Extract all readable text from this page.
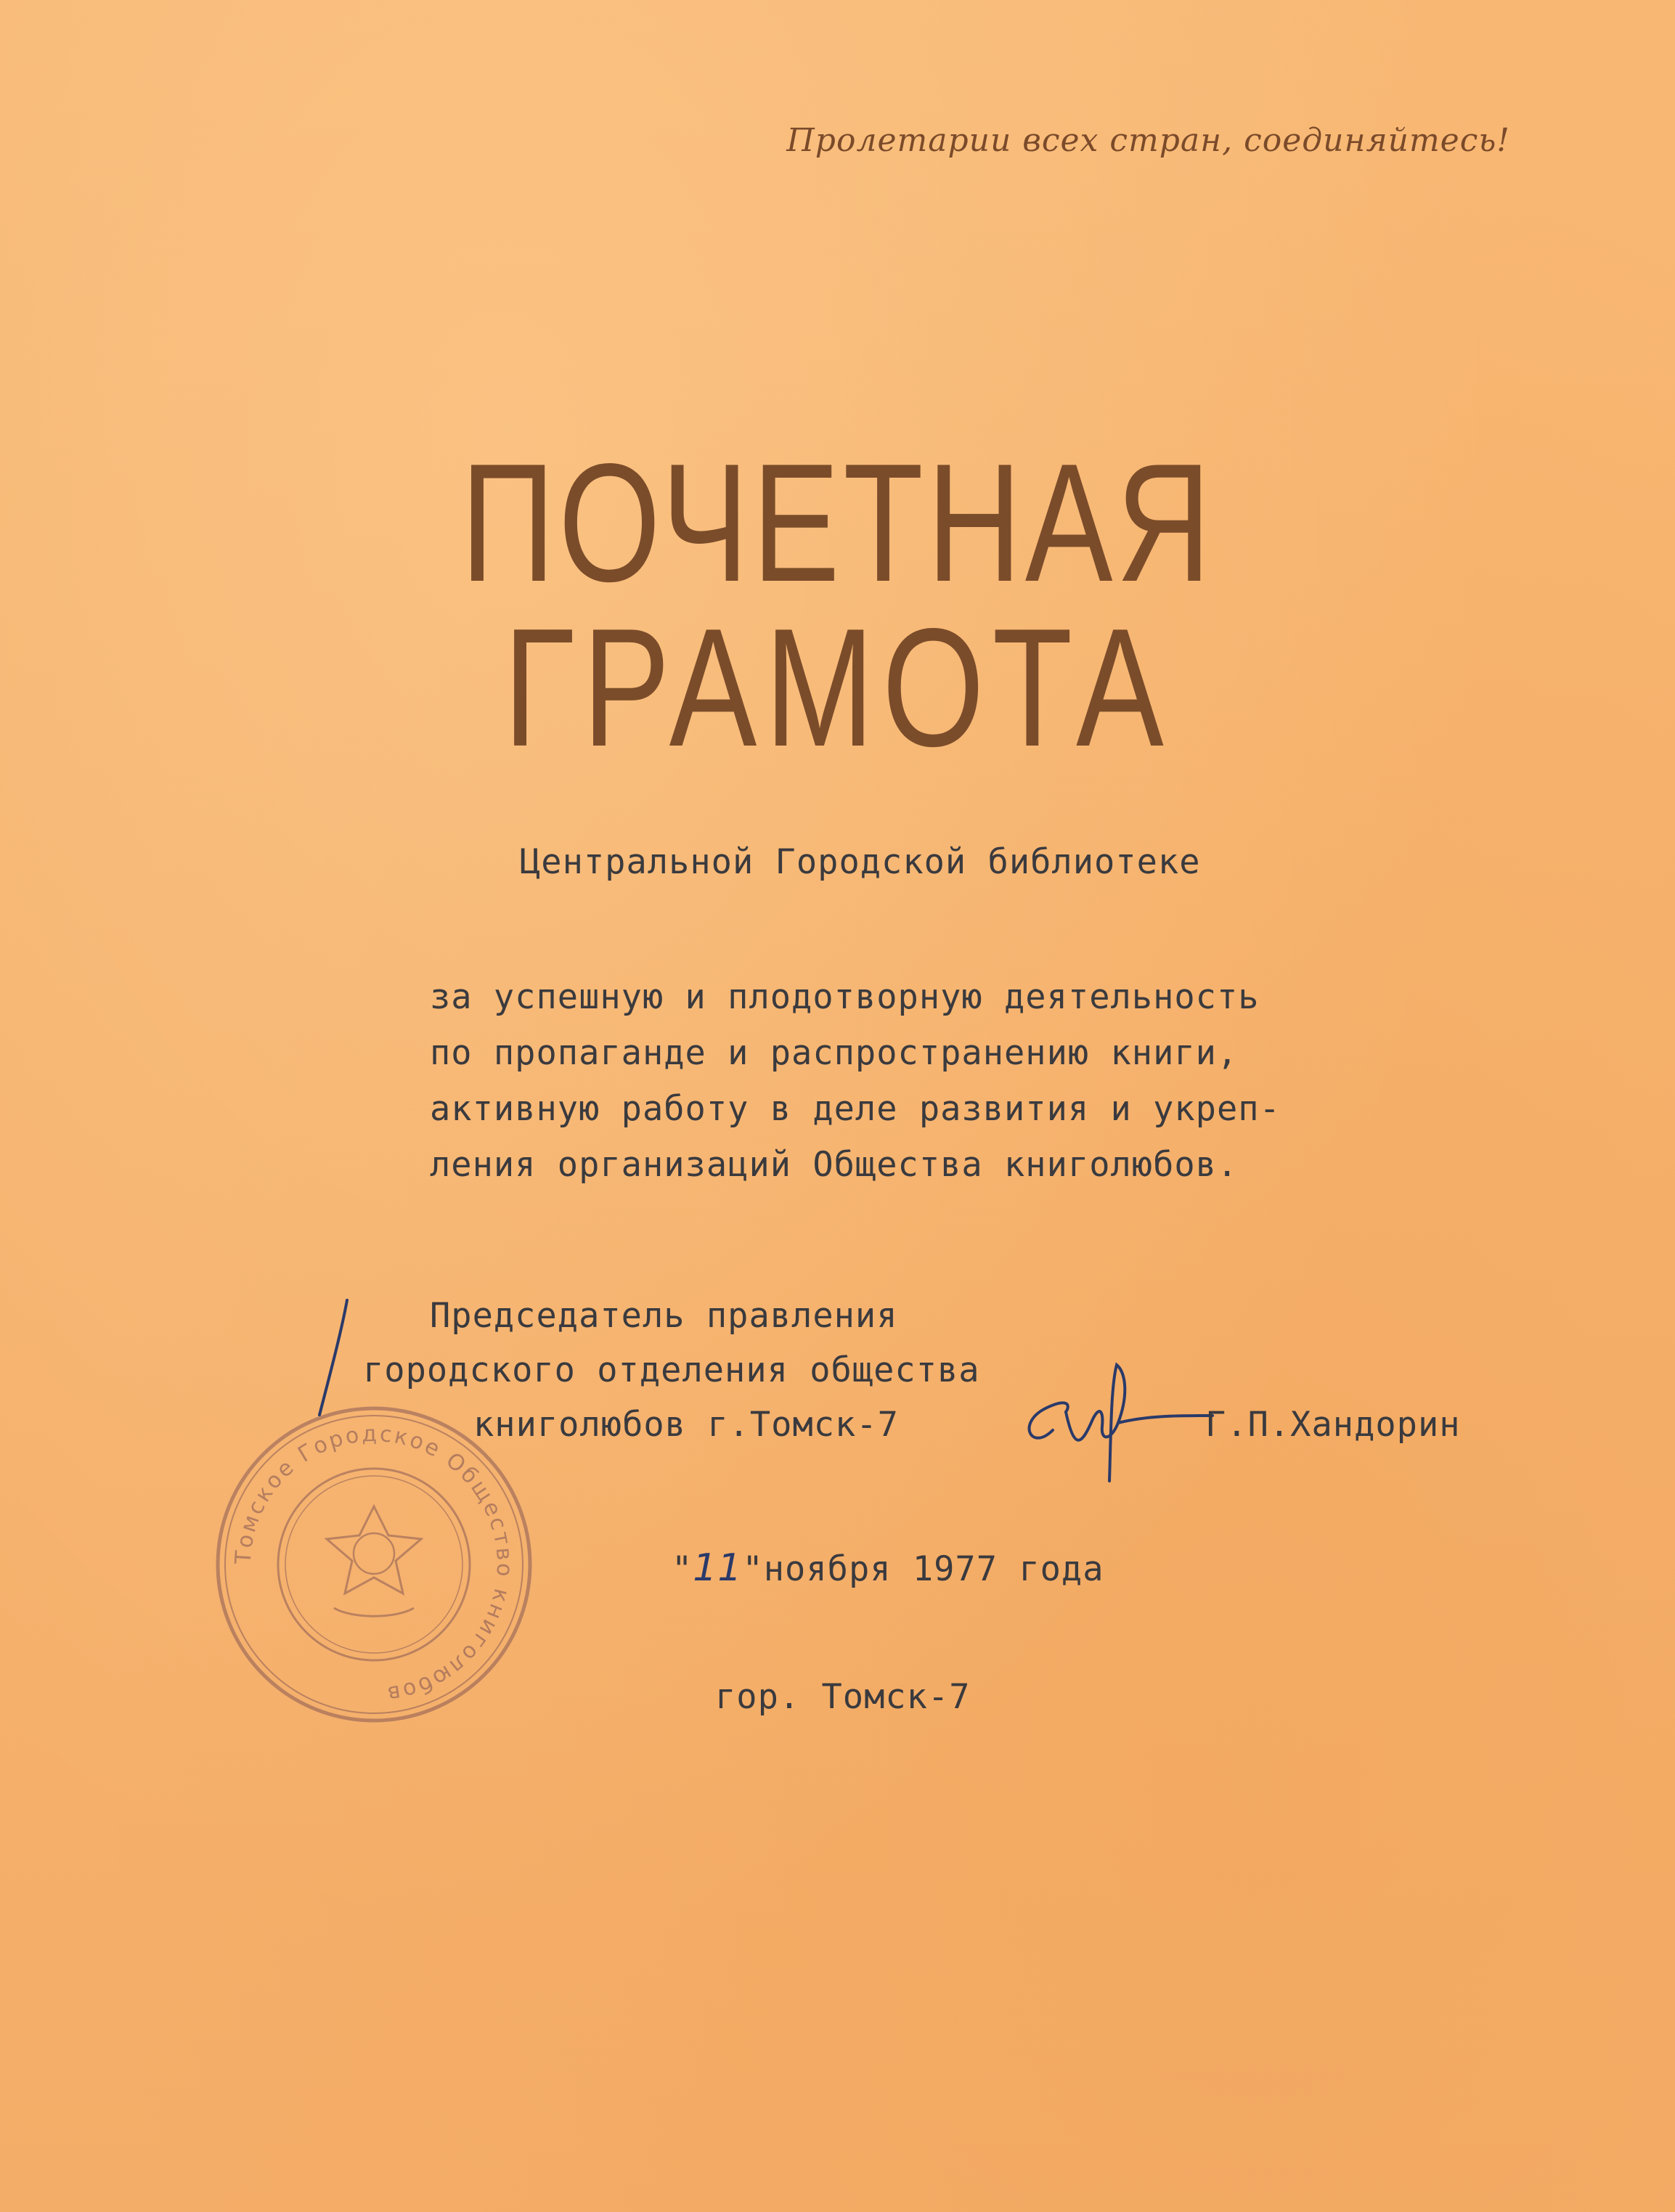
Пролетарии всех стран, соединяйтесь!
ПОЧЕТНАЯ
ГРАМОТА
Центральной Городской библиотеке
за успешную и плодотворную деятельность
по пропаганде и распространению книги,
активную работу в деле развития и укреп-
ления организаций Общества книголюбов.
Председатель правления
городского отделения общества
книголюбов г.Томск-7	Г.П.Хандорин
Томское Городское Общество книголюбов
"11"ноября 1977 года
гор. Томск-7
